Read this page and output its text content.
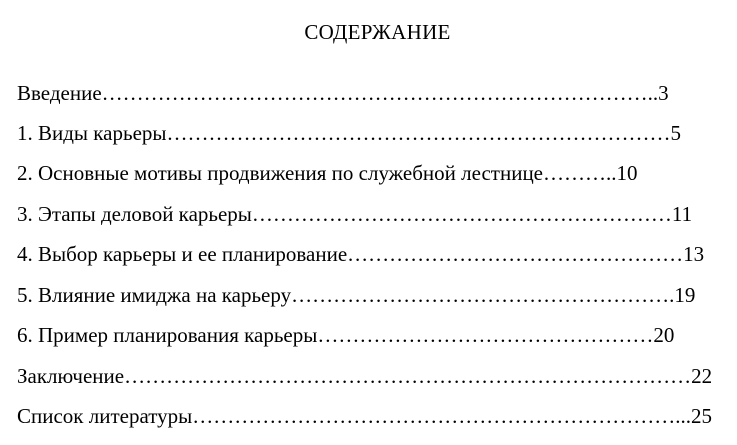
СОДЕРЖАНИЕ
Введение……………………………………………………………………..3
1. Виды карьеры………………………………………………………………5
2. Основные мотивы продвижения по служебной лестнице………..10
3. Этапы деловой карьеры……………………………………………………11
4. Выбор карьеры и ее планирование…………………………………………13
5. Влияние имиджа на карьеру……………………………………………….19
6. Пример планирования карьеры…………………………………………20
Заключение………………………………………………………………………22
Список литературы……………………………………………………………...25
